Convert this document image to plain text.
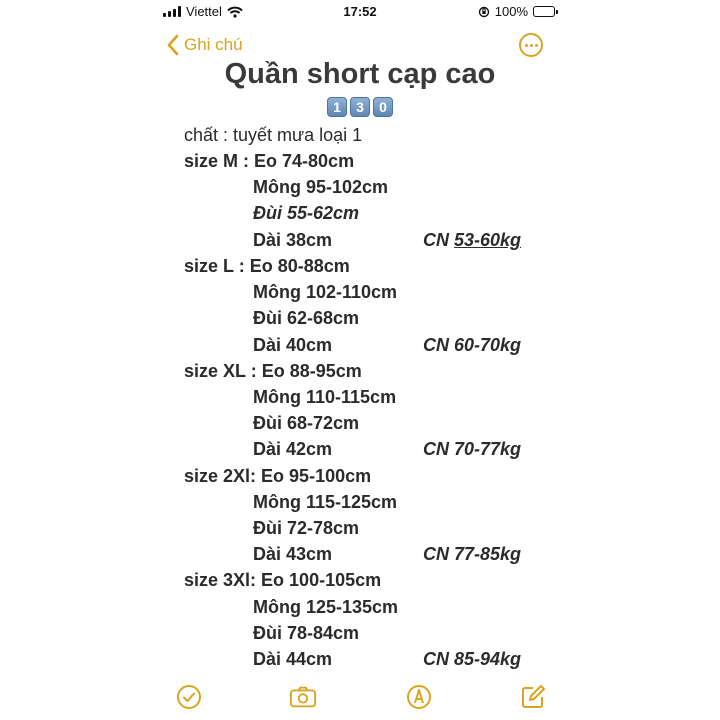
Viettel	17:52	100%
Ghi chú
Quần short cạp cao
1	3	0
chất : tuyết mưa loại 1
size M : Eo 74-80cm
Mông 95-102cm
Đùi 55-62cm
Dài 38cm	CN 53-60kg
size L : Eo 80-88cm
Mông 102-110cm
Đùi 62-68cm
Dài 40cm	CN 60-70kg
size XL : Eo 88-95cm
Mông 110-115cm
Đùi 68-72cm
Dài 42cm	CN 70-77kg
size 2Xl: Eo 95-100cm
Mông 115-125cm
Đùi 72-78cm
Dài 43cm	CN 77-85kg
size 3Xl: Eo 100-105cm
Mông 125-135cm
Đùi 78-84cm
Dài 44cm	CN 85-94kg
